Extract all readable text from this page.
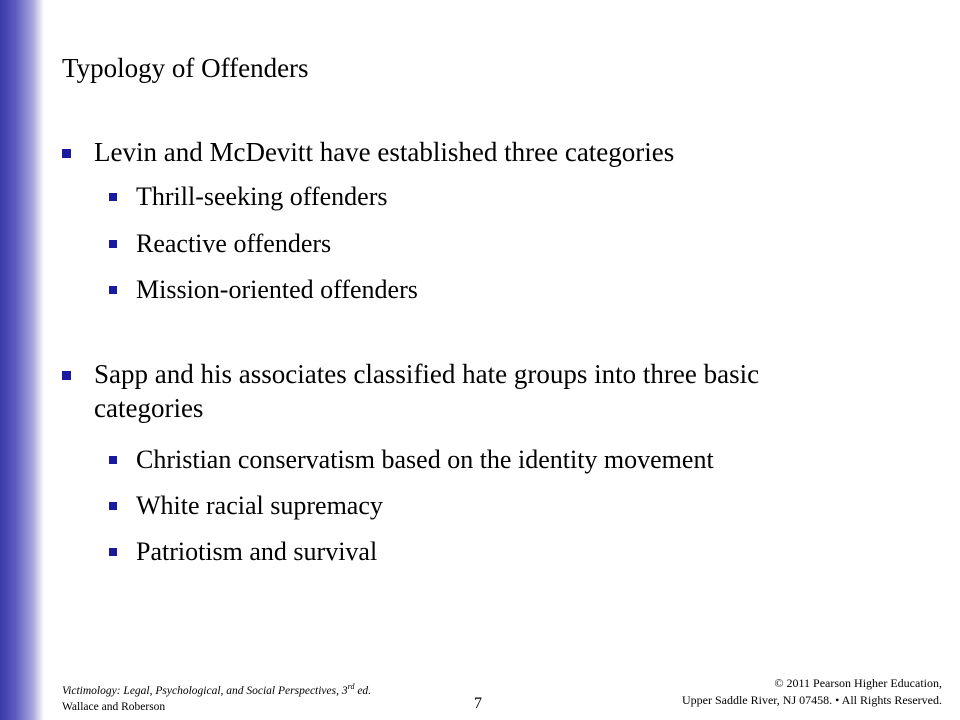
Typology of Offenders
Levin and McDevitt have established three categories
Thrill-seeking offenders
Reactive offenders
Mission-oriented offenders
Sapp and his associates classified hate groups into three basic categories
Christian conservatism based on the identity movement
White racial supremacy
Patriotism and survival
Victimology: Legal, Psychological, and Social Perspectives, 3rd ed.
Wallace and Roberson	7
© 2011 Pearson Higher Education,
Upper Saddle River, NJ 07458. • All Rights Reserved.
